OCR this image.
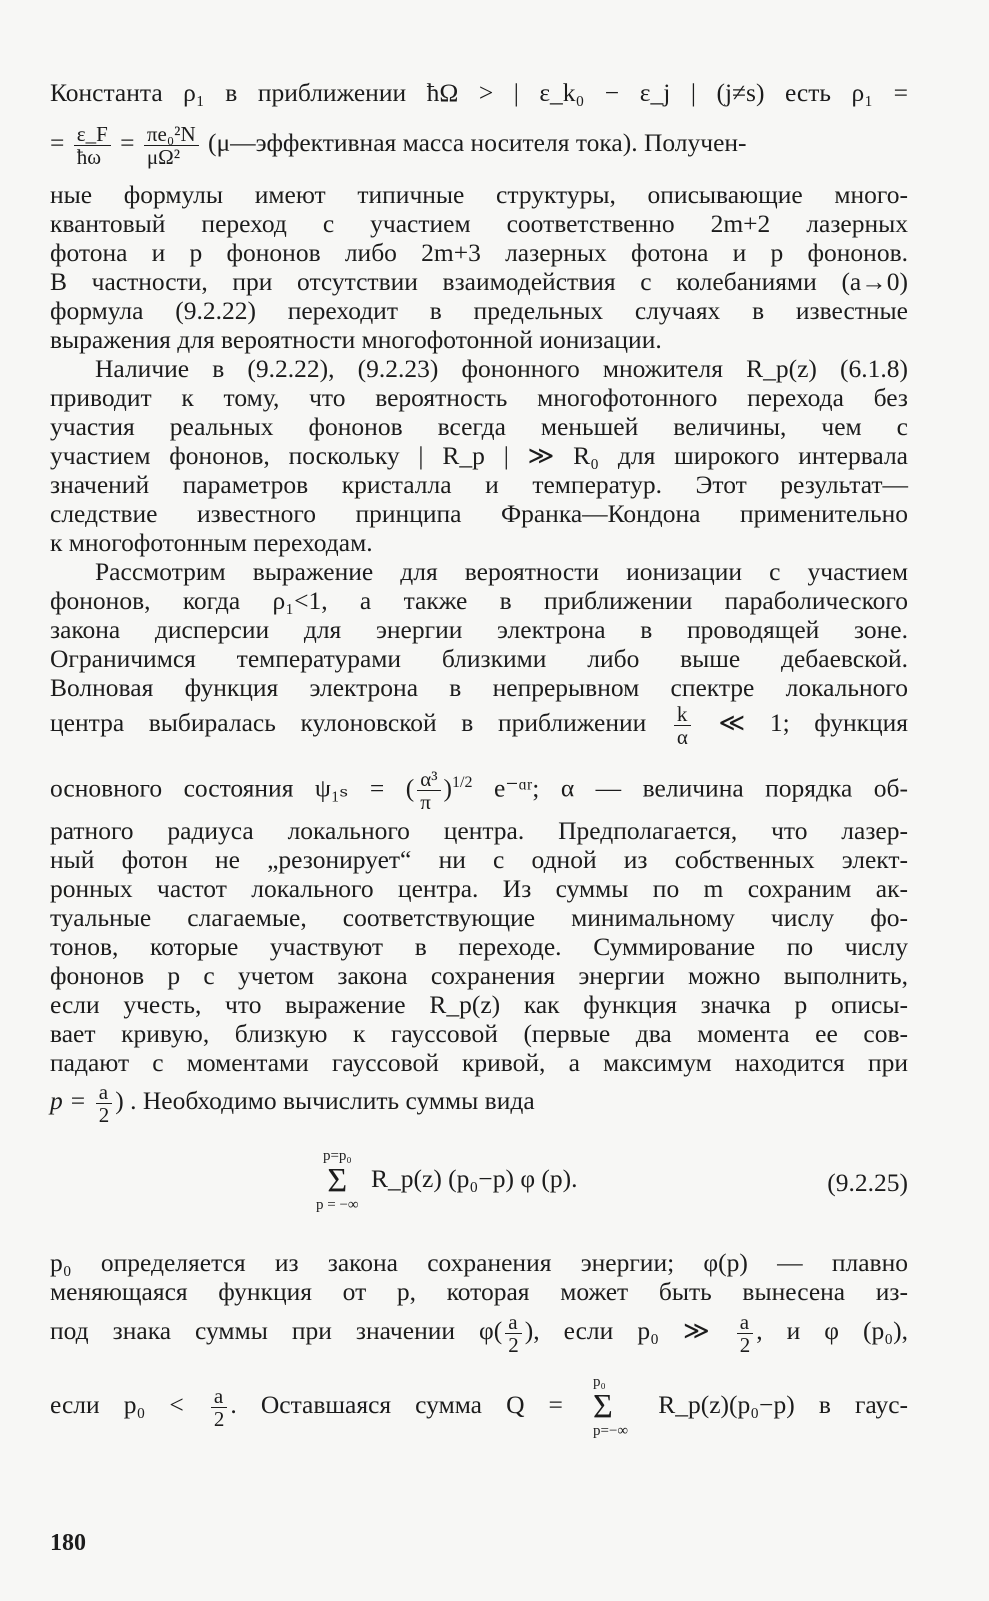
Константа ρ₁ в приближении ħΩ > | ε_k₀ − ε_j | (j≠s) есть ρ₁ =
= $\frac{\varepsilon\_F}{ħ\omega} = \frac{\text{πe₀²N}}{\text{μΩ²}}$ (μ—эффективная масса носителя тока). Получен-
ные формулы имеют типичные структуры, описывающие много-
квантовый переход с участием соответственно 2m+2 лазерных
фотона и p фононов либо 2m+3 лазерных фотона и p фононов.
В частности, при отсутствии взаимодействия с колебаниями (a→0)
формула (9.2.22) переходит в предельных случаях в известные
выражения для вероятности многофотонной ионизации.
Наличие в (9.2.22), (9.2.23) фононного множителя R_p(z) (6.1.8)
приводит к тому, что вероятность многофотонного перехода без
участия реальных фононов всегда меньшей величины, чем с
участием фононов, поскольку | R_p | ≫ R₀ для широкого интервала
значений параметров кристалла и температур. Этот результат—
следствие известного принципа Франка—Кондона применительно
к многофотонным переходам.
Рассмотрим выражение для вероятности ионизации с участием
фононов, когда ρ₁<1, а также в приближении параболического
закона дисперсии для энергии электрона в проводящей зоне.
Ограничимся температурами близкими либо выше дебаевской.
Волновая функция электрона в непрерывном спектре локального
центра выбиралась кулоновской в приближении $\frac{k}{\alpha}$ ≪ 1; функция
основного состояния ψ₁ₛ = ( $\frac{\text{α³}}{\pi} )^{1/2}$ e⁻ᵅʳ; α — величина порядка об-
ратного радиуса локального центра. Предполагается, что лазер-
ный фотон не „резонирует“ ни с одной из собственных элект-
ронных частот локального центра. Из суммы по m сохраним ак-
туальные слагаемые, соответствующие минимальному числу фо-
тонов, которые участвуют в переходе. Суммирование по числу
фононов p с учетом закона сохранения энергии можно выполнить,
если учесть, что выражение R_p(z) как функция значка p описы-
вает кривую, близкую к гауссовой (первые два момента ее сов-
падают с моментами гауссовой кривой, а максимум находится при
$p = \frac{a}{2}$ ) . Необходимо вычислить суммы вида
p=p₀
Σ
p = −∞ R_p(z) (p₀−p) φ (p).	(9.2.25)
p₀ определяется из закона сохранения энергии; φ(p) — плавно
меняющаяся функция от p, которая может быть вынесена из-
под знака суммы при значении $\varphi( \frac{a}{2}$ ), если p₀ ≫ $\frac{a}{2}$ , и φ (p₀),
если $p_0 < \frac{a}{2}$ . Оставшаяся сумма Q = p₀
Σ
p=−∞ R_p(z)(p₀−p) в гаус-
180
